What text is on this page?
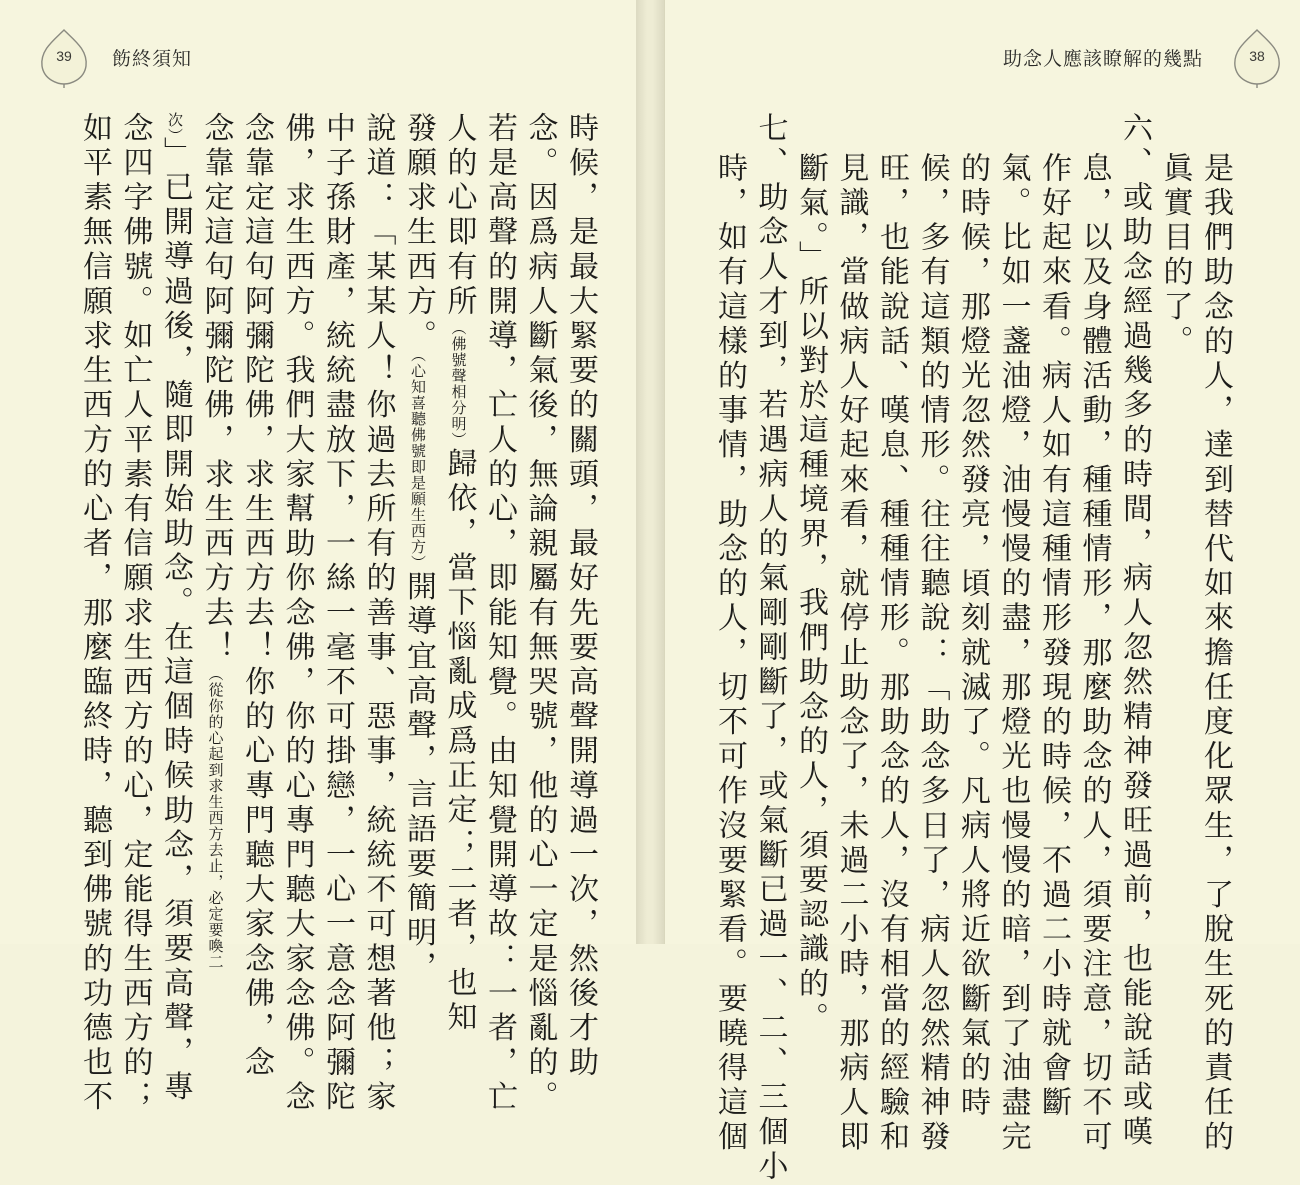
39	飭終須知
時候，是最大緊要的關頭，最好先要高聲開導過一次，然後才助
念。因爲病人斷氣後，無論親屬有無哭號，他的心一定是惱亂的。
若是高聲的開導，亡人的心，即能知覺。由知覺開導故：一者，亡
人的心即有所（佛號聲相分明）歸依，當下惱亂成爲正定；二者，也知
發願求生西方。（心知喜聽佛號即是願生西方）開導宜高聲，言語要簡明，
說道：「某某人！你過去所有的善事、惡事，統統不可想著他；家
中子孫財產，統統盡放下，一絲一毫不可掛戀，一心一意念阿彌陀
佛，求生西方。我們大家幫助你念佛，你的心專門聽大家念佛。念
念靠定這句阿彌陀佛，求生西方去！你的心專門聽大家念佛，念
念靠定這句阿彌陀佛，求生西方去！（從你的心起到求生西方去止，必定要喚二
次）」已開導過後，隨即開始助念。在這個時候助念，須要高聲，專
念四字佛號。如亡人平素有信願求生西方的心，定能得生西方的；
如平素無信願求生西方的心者，那麼臨終時，聽到佛號的功德也不
38
助念人應該瞭解的幾點
是我們助念的人，達到替代如來擔任度化眾生，了脫生死的責任的
眞實目的了。
六、或助念經過幾多的時間，病人忽然精神發旺過前，也能說話或嘆
息，以及身體活動，種種情形，那麼助念的人，須要注意，切不可
作好起來看。病人如有這種情形發現的時候，不過二小時就會斷
氣。比如一盞油燈，油慢慢的盡，那燈光也慢慢的暗，到了油盡完
的時候，那燈光忽然發亮，頃刻就滅了。凡病人將近欲斷氣的時
候，多有這類的情形。往往聽說：「助念多日了，病人忽然精神發
旺，也能說話、嘆息、種種情形。那助念的人，沒有相當的經驗和
見識，當做病人好起來看，就停止助念了，未過二小時，那病人即
斷氣。」所以對於這種境界，我們助念的人，須要認識的。
七、助念人才到，若遇病人的氣剛剛斷了，或氣斷已過一、二、三個小
時，如有這樣的事情，助念的人，切不可作沒要緊看。要曉得這個
